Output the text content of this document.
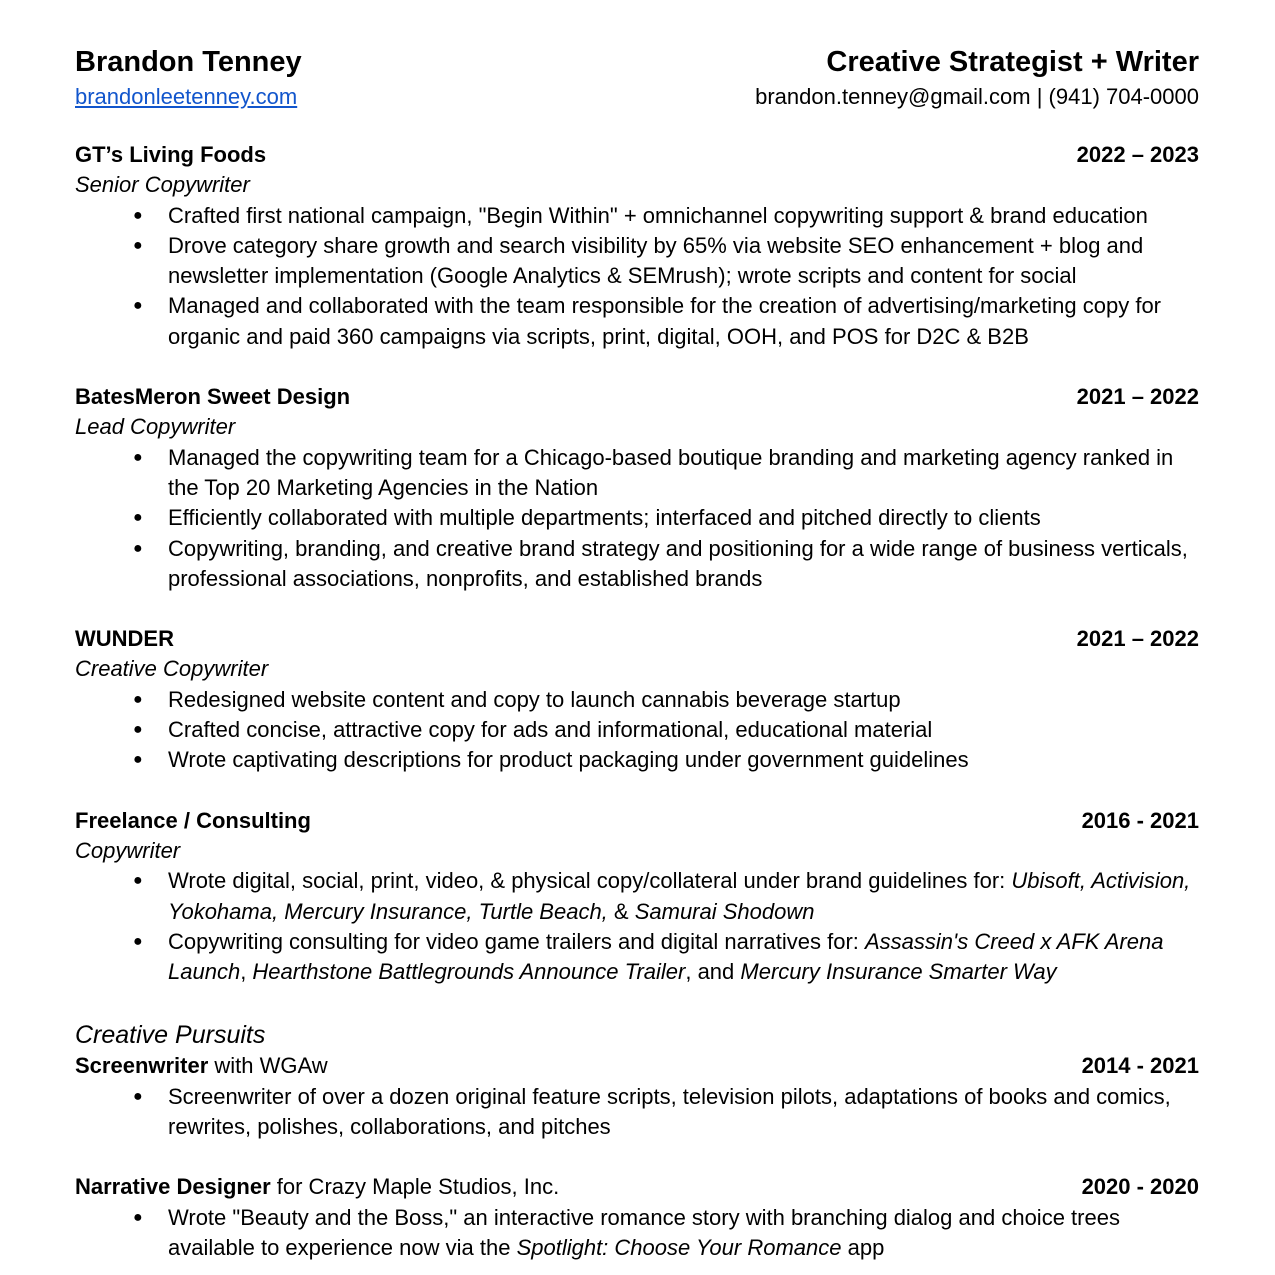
Brandon Tenney	Creative Strategist + Writer
brandonleetenney.com	brandon.tenney@gmail.com | (941) 704-0000
GT’s Living Foods	2022 – 2023
Senior Copywriter
● Crafted first national campaign, "Begin Within" + omnichannel copywriting support & brand education
● Drove category share growth and search visibility by 65% via website SEO enhancement + blog and newsletter implementation (Google Analytics & SEMrush); wrote scripts and content for social
● Managed and collaborated with the team responsible for the creation of advertising/marketing copy for organic and paid 360 campaigns via scripts, print, digital, OOH, and POS for D2C & B2B
BatesMeron Sweet Design	2021 – 2022
Lead Copywriter
● Managed the copywriting team for a Chicago-based boutique branding and marketing agency ranked in the Top 20 Marketing Agencies in the Nation
● Efficiently collaborated with multiple departments; interfaced and pitched directly to clients
● Copywriting, branding, and creative brand strategy and positioning for a wide range of business verticals, professional associations, nonprofits, and established brands
WUNDER	2021 – 2022
Creative Copywriter
● Redesigned website content and copy to launch cannabis beverage startup
● Crafted concise, attractive copy for ads and informational, educational material
● Wrote captivating descriptions for product packaging under government guidelines
Freelance / Consulting	2016 - 2021
Copywriter
● Wrote digital, social, print, video, & physical copy/collateral under brand guidelines for: Ubisoft, Activision, Yokohama, Mercury Insurance, Turtle Beach, & Samurai Shodown
● Copywriting consulting for video game trailers and digital narratives for: Assassin's Creed x AFK Arena Launch, Hearthstone Battlegrounds Announce Trailer, and Mercury Insurance Smarter Way
Creative Pursuits
Screenwriter with WGAw	2014 - 2021
● Screenwriter of over a dozen original feature scripts, television pilots, adaptations of books and comics, rewrites, polishes, collaborations, and pitches
Narrative Designer for Crazy Maple Studios, Inc.	2020 - 2020
● Wrote "Beauty and the Boss," an interactive romance story with branching dialog and choice trees available to experience now via the Spotlight: Choose Your Romance app
